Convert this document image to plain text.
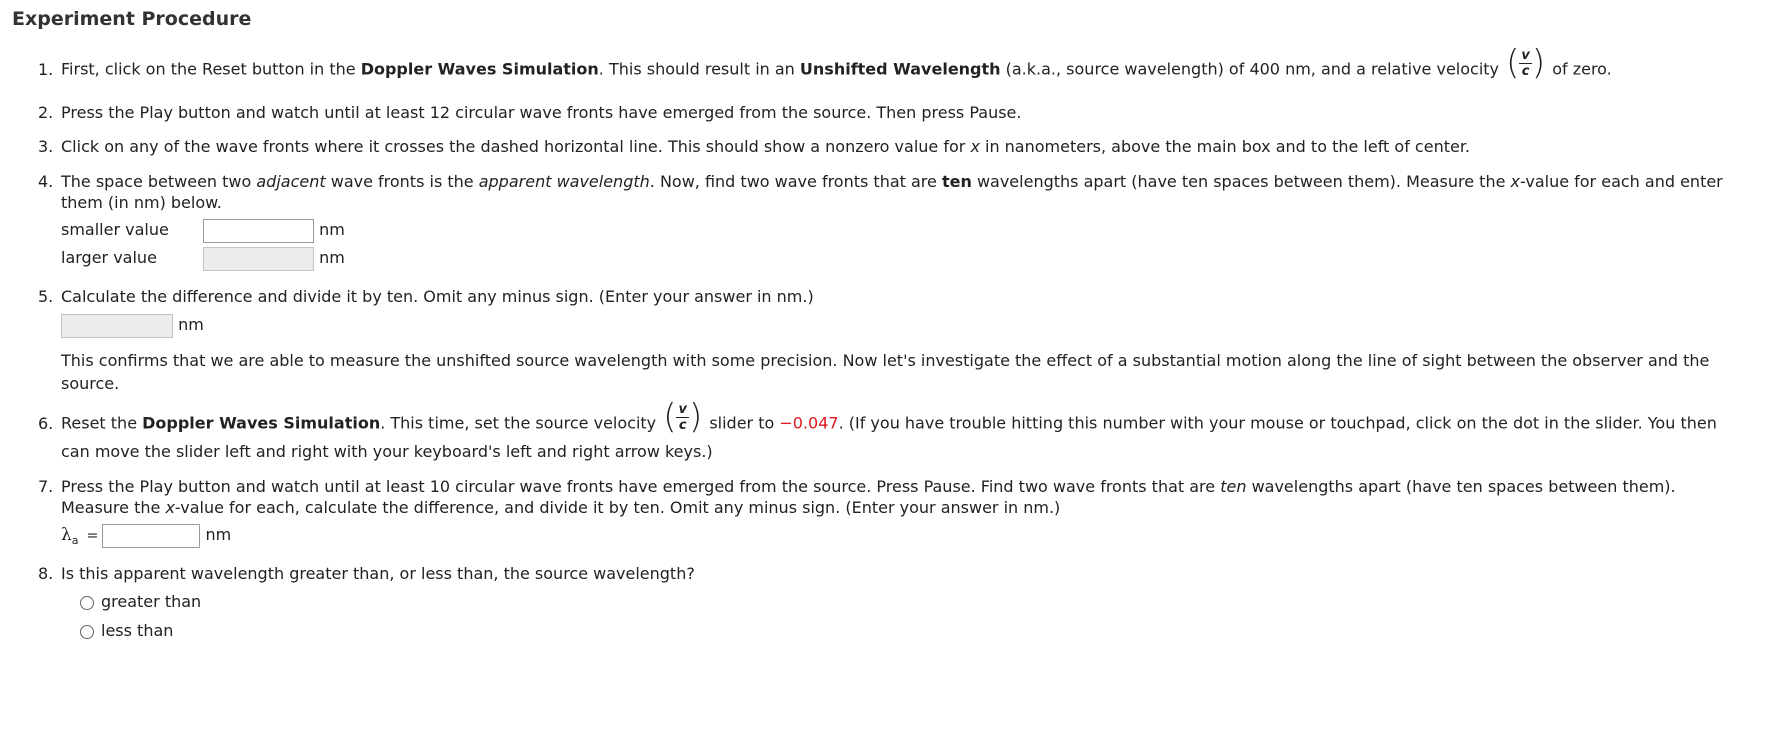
Experiment Procedure
1. First, click on the Reset button in the Doppler Waves Simulation. This should result in an Unshifted Wavelength (a.k.a., source wavelength) of 400 nm, and a relative velocity ( $\frac{v}{c}$ ) of zero.
2. Press the Play button and watch until at least 12 circular wave fronts have emerged from the source. Then press Pause.
3. Click on any of the wave fronts where it crosses the dashed horizontal line. This should show a nonzero value for x in nanometers, above the main box and to the left of center.
4. The space between two adjacent wave fronts is the apparent wavelength. Now, find two wave fronts that are ten wavelengths apart (have ten spaces between them). Measure the x-value for each and enter
them (in nm) below.
smaller value	nm
larger value	nm
5. Calculate the difference and divide it by ten. Omit any minus sign. (Enter your answer in nm.)
nm
This confirms that we are able to measure the unshifted source wavelength with some precision. Now let's investigate the effect of a substantial motion along the line of sight between the observer and the
source.
6. Reset the Doppler Waves Simulation. This time, set the source velocity ( $\frac{v}{c}$ ) slider to −0.047. (If you have trouble hitting this number with your mouse or touchpad, click on the dot in the slider. You then
can move the slider left and right with your keyboard's left and right arrow keys.)
7. Press the Play button and watch until at least 10 circular wave fronts have emerged from the source. Press Pause. Find two wave fronts that are ten wavelengths apart (have ten spaces between them).
Measure the x-value for each, calculate the difference, and divide it by ten. Omit any minus sign. (Enter your answer in nm.)
$\lambda_a$ =	nm
8. Is this apparent wavelength greater than, or less than, the source wavelength?
greater than
less than
